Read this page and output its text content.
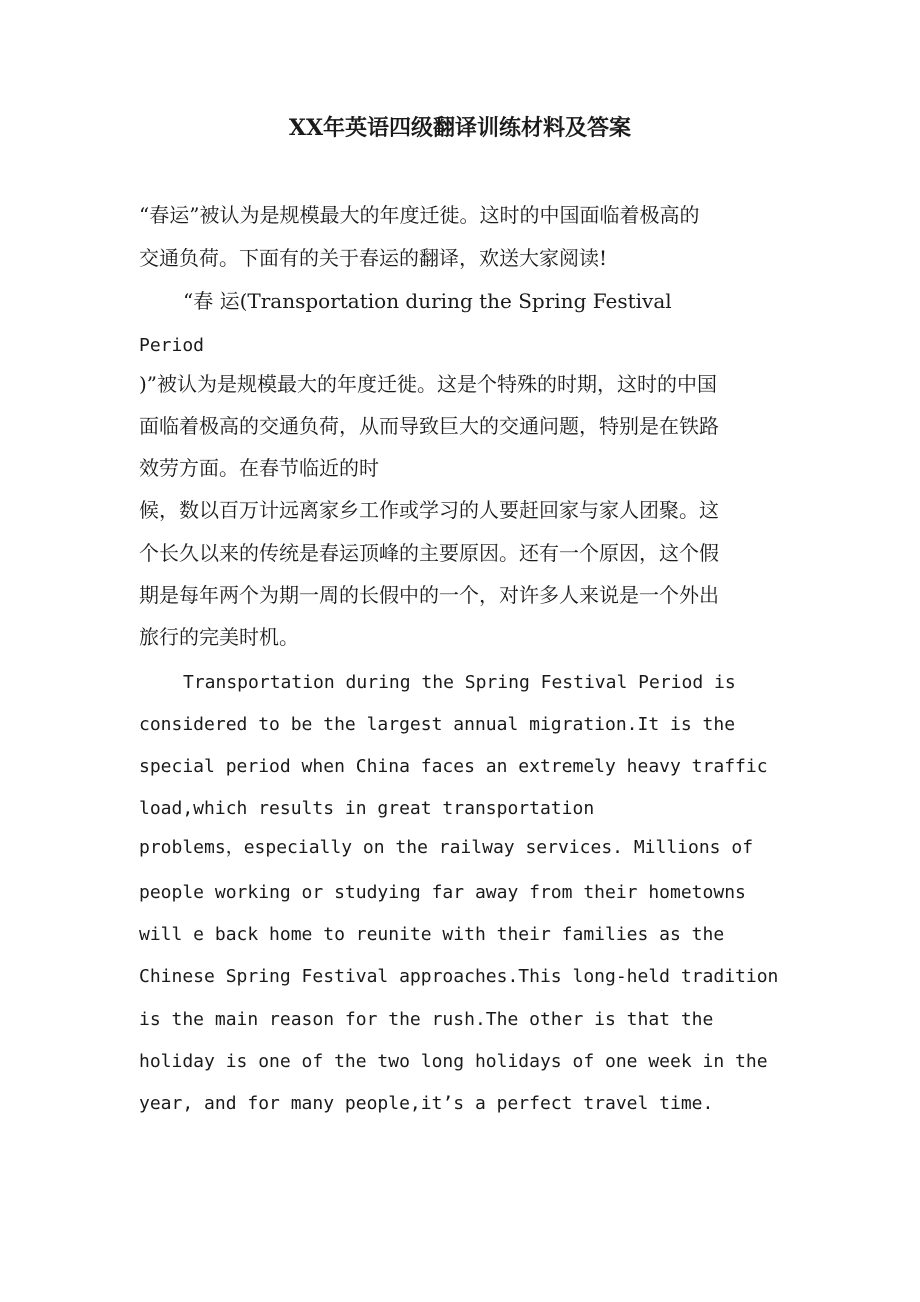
XX年英语四级翻译训练材料及答案
“春运”被认为是规模最大的年度迁徙。这时的中国面临着极高的
交通负荷。下面有的关于春运的翻译，欢送大家阅读!
“春 运(Transportation during the Spring Festival
Period
)”被认为是规模最大的年度迁徙。这是个特殊的时期，这时的中国
面临着极高的交通负荷，从而导致巨大的交通问题，特别是在铁路
效劳方面。在春节临近的时
候，数以百万计远离家乡工作或学习的人要赶回家与家人团聚。这
个长久以来的传统是春运顶峰的主要原因。还有一个原因，这个假
期是每年两个为期一周的长假中的一个，对许多人来说是一个外出
旅行的完美时机。
Transportation during the Spring Festival Period is
considered to be the largest annual migration.It is the
special period when China faces an extremely heavy traffic
load,which results in great transportation
problems，especially on the railway services. Millions of
people working or studying far away from their hometowns
will e back home to reunite with their families as the
Chinese Spring Festival approaches.This long-held tradition
is the main reason for the rush.The other is that the
holiday is one of the two long holidays of one week in the
year, and for many people,it’s a perfect travel time.
